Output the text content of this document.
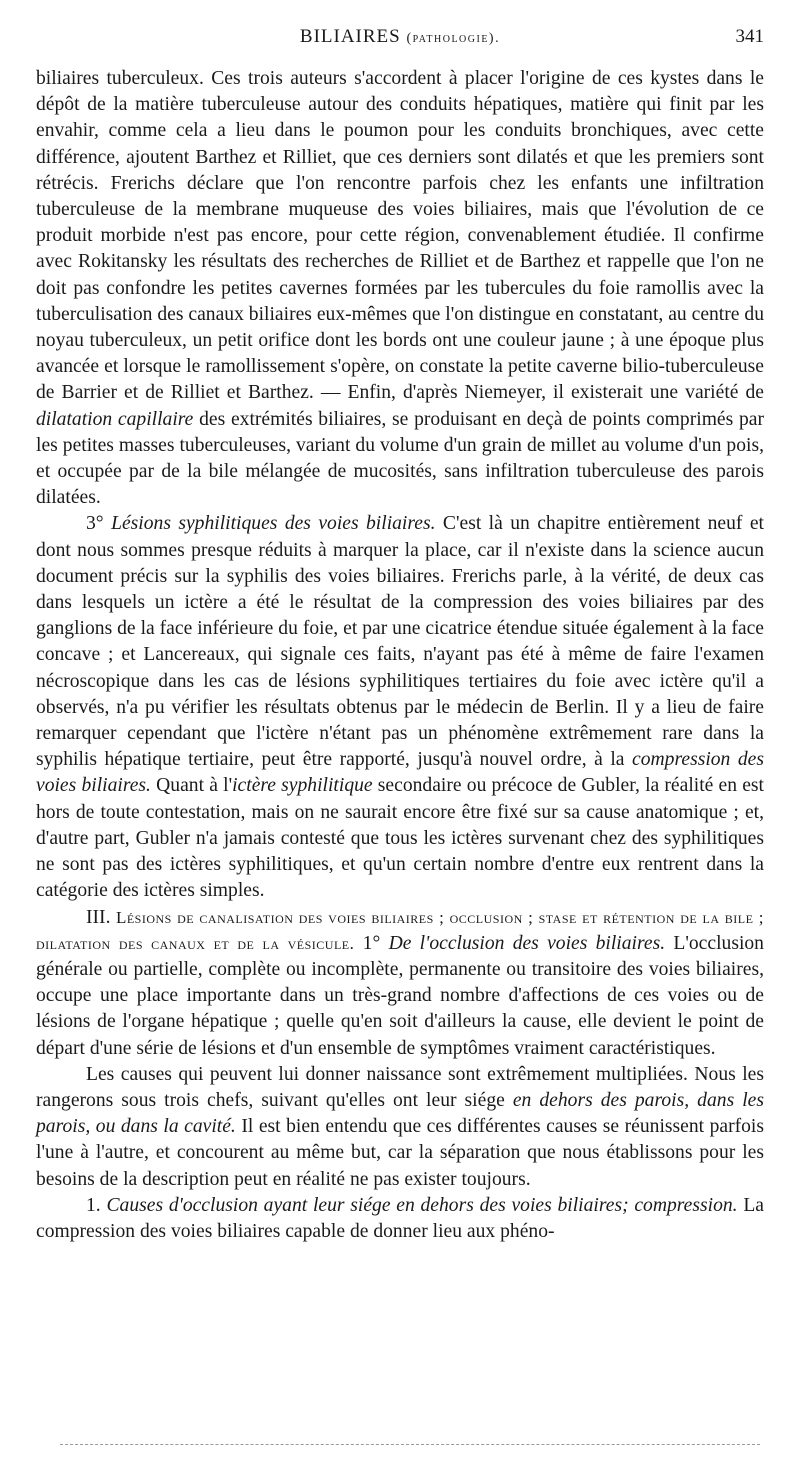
BILIAIRES (pathologie).	341

biliaires tuberculeux. Ces trois auteurs s'accordent à placer l'origine de ces kystes dans le dépôt de la matière tuberculeuse autour des conduits hépatiques, matière qui finit par les envahir, comme cela a lieu dans le poumon pour les conduits bronchiques, avec cette différence, ajoutent Barthez et Rilliet, que ces derniers sont dilatés et que les premiers sont rétrécis. Frerichs déclare que l'on rencontre parfois chez les enfants une infiltration tuberculeuse de la membrane muqueuse des voies biliaires, mais que l'évolution de ce produit morbide n'est pas encore, pour cette région, convenablement étudiée. Il confirme avec Rokitansky les résultats des recherches de Rilliet et de Barthez et rappelle que l'on ne doit pas confondre les petites cavernes formées par les tubercules du foie ramollis avec la tuberculisation des canaux biliaires eux-mêmes que l'on distingue en constatant, au centre du noyau tuberculeux, un petit orifice dont les bords ont une couleur jaune ; à une époque plus avancée et lorsque le ramollissement s'opère, on constate la petite caverne bilio-tuberculeuse de Barrier et de Rilliet et Barthez. — Enfin, d'après Niemeyer, il existerait une variété de dilatation capillaire des extrémités biliaires, se produisant en deçà de points comprimés par les petites masses tuberculeuses, variant du volume d'un grain de millet au volume d'un pois, et occupée par de la bile mélangée de mucosités, sans infiltration tuberculeuse des parois dilatées.

3° Lésions syphilitiques des voies biliaires. C'est là un chapitre entièrement neuf et dont nous sommes presque réduits à marquer la place, car il n'existe dans la science aucun document précis sur la syphilis des voies biliaires. Frerichs parle, à la vérité, de deux cas dans lesquels un ictère a été le résultat de la compression des voies biliaires par des ganglions de la face inférieure du foie, et par une cicatrice étendue située également à la face concave ; et Lancereaux, qui signale ces faits, n'ayant pas été à même de faire l'examen nécroscopique dans les cas de lésions syphilitiques tertiaires du foie avec ictère qu'il a observés, n'a pu vérifier les résultats obtenus par le médecin de Berlin. Il y a lieu de faire remarquer cependant que l'ictère n'étant pas un phénomène extrêmement rare dans la syphilis hépatique tertiaire, peut être rapporté, jusqu'à nouvel ordre, à la compression des voies biliaires. Quant à l'ictère syphilitique secondaire ou précoce de Gubler, la réalité en est hors de toute contestation, mais on ne saurait encore être fixé sur sa cause anatomique ; et, d'autre part, Gubler n'a jamais contesté que tous les ictères survenant chez des syphilitiques ne sont pas des ictères syphilitiques, et qu'un certain nombre d'entre eux rentrent dans la catégorie des ictères simples.

III. Lésions de canalisation des voies biliaires ; occlusion ; stase et rétention de la bile ; dilatation des canaux et de la vésicule. 1° De l'occlusion des voies biliaires. L'occlusion générale ou partielle, complète ou incomplète, permanente ou transitoire des voies biliaires, occupe une place importante dans un très-grand nombre d'affections de ces voies ou de lésions de l'organe hépatique ; quelle qu'en soit d'ailleurs la cause, elle devient le point de départ d'une série de lésions et d'un ensemble de symptômes vraiment caractéristiques.

Les causes qui peuvent lui donner naissance sont extrêmement multipliées. Nous les rangerons sous trois chefs, suivant qu'elles ont leur siége en dehors des parois, dans les parois, ou dans la cavité. Il est bien entendu que ces différentes causes se réunissent parfois l'une à l'autre, et concourent au même but, car la séparation que nous établissons pour les besoins de la description peut en réalité ne pas exister toujours.

1. Causes d'occlusion ayant leur siége en dehors des voies biliaires; compression. La compression des voies biliaires capable de donner lieu aux phéno-
